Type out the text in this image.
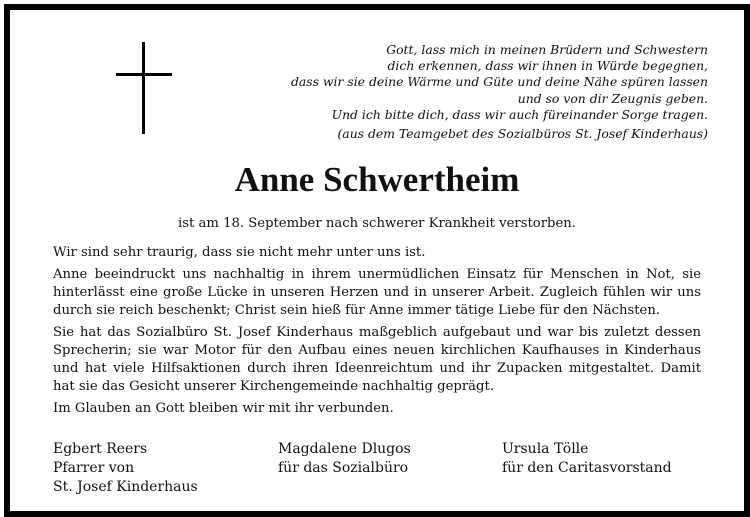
Gott, lass mich in meinen Brüdern und Schwestern
dich erkennen, dass wir ihnen in Würde begegnen,
dass wir sie deine Wärme und Güte und deine Nähe spüren lassen
und so von dir Zeugnis geben.
Und ich bitte dich, dass wir auch füreinander Sorge tragen.
(aus dem Teamgebet des Sozialbüros St. Josef Kinderhaus)
Anne Schwertheim
ist am 18. September nach schwerer Krankheit verstorben.

Wir sind sehr traurig, dass sie nicht mehr unter uns ist.

Anne beeindruckt uns nachhaltig in ihrem unermüdlichen Einsatz für Menschen in Not, sie hinterlässt eine große Lücke in unseren Herzen und in unserer Arbeit. Zugleich fühlen wir uns durch sie reich beschenkt; Christ sein hieß für Anne immer tätige Liebe für den Nächsten.

Sie hat das Sozialbüro St. Josef Kinderhaus maßgeblich aufgebaut und war bis zuletzt dessen Sprecherin; sie war Motor für den Aufbau eines neuen kirchlichen Kaufhauses in Kinderhaus und hat viele Hilfsaktionen durch ihren Ideenreichtum und ihr Zupacken mitgestaltet. Damit hat sie das Gesicht unserer Kirchengemeinde nachhaltig geprägt.

Im Glauben an Gott bleiben wir mit ihr verbunden.

Egbert Reers
Pfarrer von
St. Josef Kinderhaus
Magdalene Dlugos
für das Sozialbüro
Ursula Tölle
für den Caritasvorstand
